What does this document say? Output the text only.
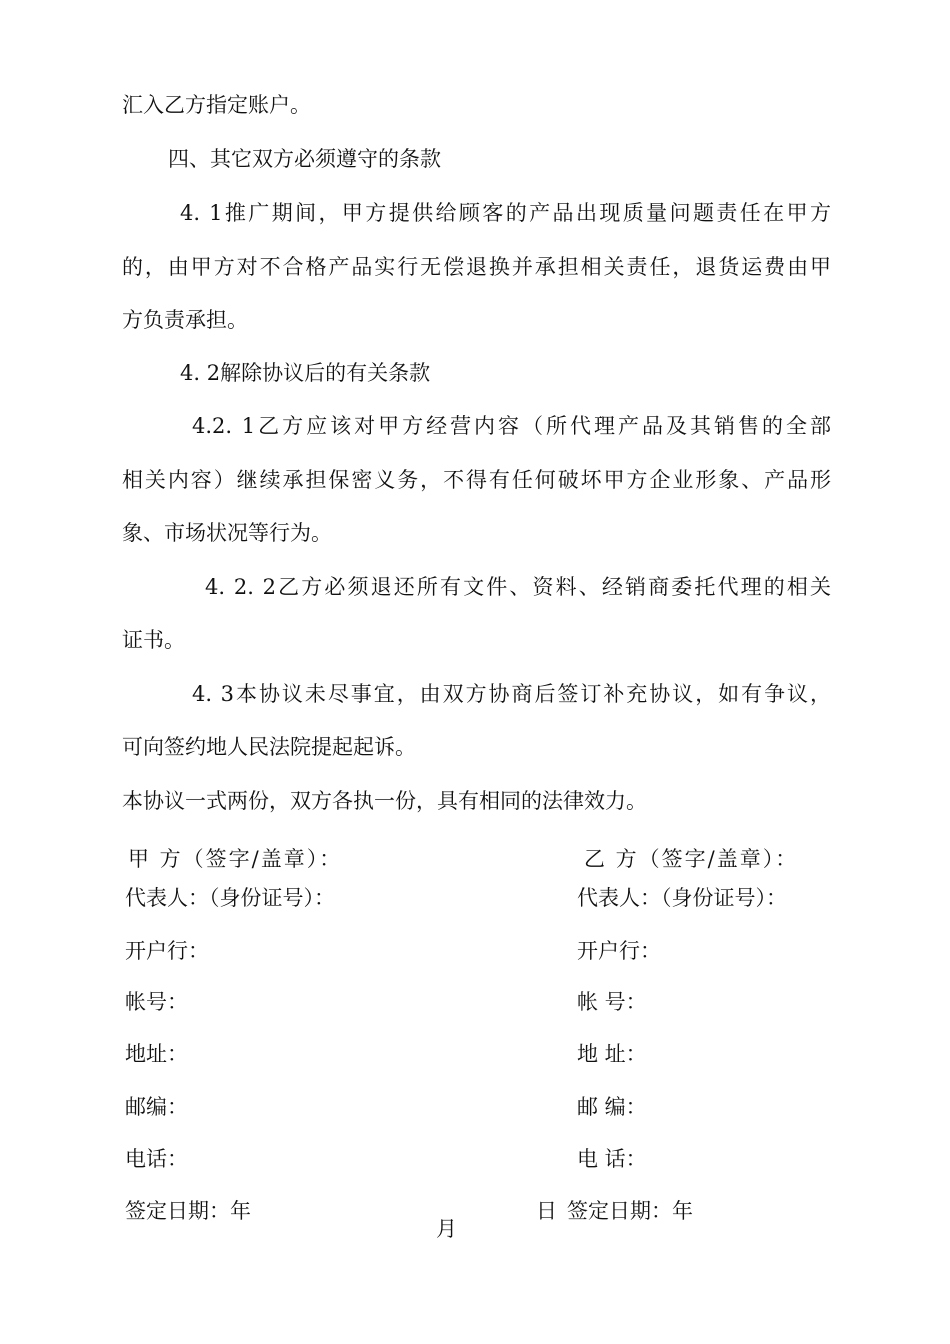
汇入乙方指定账户。
四、其它双方必须遵守的条款
4. 1推广期间，甲方提供给顾客的产品出现质量问题责任在甲方
的，由甲方对不合格产品实行无偿退换并承担相关责任，退货运费由甲
方负责承担。
4. 2解除协议后的有关条款
4.2. 1乙方应该对甲方经营内容（所代理产品及其销售的全部
相关内容）继续承担保密义务，不得有任何破坏甲方企业形象、产品形
象、市场状况等行为。
4. 2. 2乙方必须退还所有文件、资料、经销商委托代理的相关
证书。
4. 3本协议未尽事宜，由双方协商后签订补充协议，如有争议，
可向签约地人民法院提起起诉。
本协议一式两份，双方各执一份，具有相同的法律效力。
甲 方（签字/盖章）：
代表人：（身份证号）：
开户行：
帐号：
地址：
邮编：
电话：
签定日期：年
乙 方（签字/盖章）：
代表人：（身份证号）：
开户行：
帐 号：
地 址：
邮 编：
电 话：
签定日期：年
日
月
